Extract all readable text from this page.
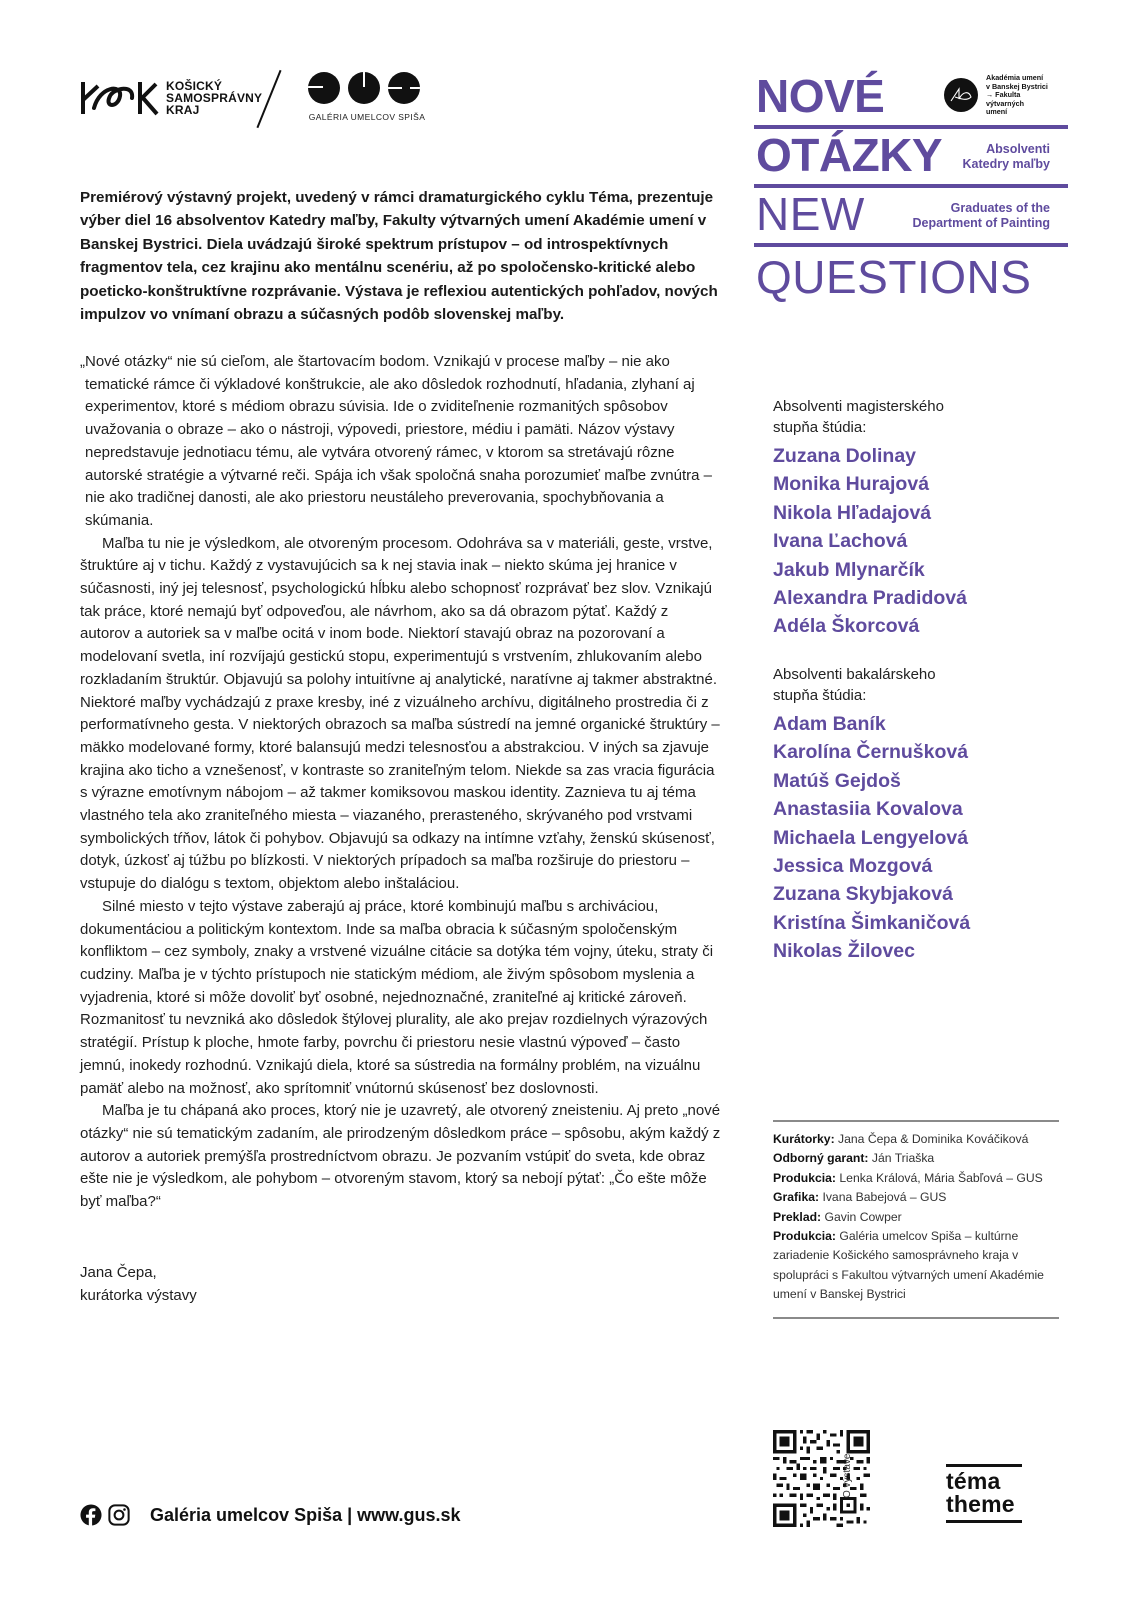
KOŠICKÝ
SAMOSPRÁVNY
KRAJ	GALÉRIA UMELCOV SPIŠA	NOVÉ	Akadémia umení
v Banskej Bystrici
→ Fakulta
výtvarných
umení
OTÁZKY	Absolventi
Katedry maľby
NEW	Graduates of the
Department of Painting
QUESTIONS
Premiérový výstavný projekt, uvedený v rámci dramaturgického cyklu Téma, prezentuje výber diel 16 absolventov Katedry maľby, Fakulty výtvarných umení Akadémie umení v Banskej Bystrici. Diela uvádzajú široké spektrum prístupov – od introspektívnych fragmentov tela, cez krajinu ako mentálnu scenériu, až po spoločensko-kritické alebo poeticko-konštruktívne rozprávanie. Výstava je reflexiou autentických pohľadov, nových impulzov vo vnímaní obrazu a súčasných podôb slovenskej maľby.

„Nové otázky“ nie sú cieľom, ale štartovacím bodom. Vznikajú v procese maľby – nie ako tematické rámce či výkladové konštrukcie, ale ako dôsledok rozhodnutí, hľadania, zlyhaní aj experimentov, ktoré s médiom obrazu súvisia. Ide o zviditeľnenie rozmanitých spôsobov uvažovania o obraze – ako o nástroji, výpovedi, priestore, médiu i pamäti. Názov výstavy nepredstavuje jednotiacu tému, ale vytvára otvorený rámec, v ktorom sa stretávajú rôzne autorské stratégie a výtvarné reči. Spája ich však spoločná snaha porozumieť maľbe zvnútra – nie ako tradičnej danosti, ale ako priestoru neustáleho preverovania, spochybňovania a skúmania.

Maľba tu nie je výsledkom, ale otvoreným procesom. Odohráva sa v materiáli, geste, vrstve, štruktúre aj v tichu. Každý z vystavujúcich sa k nej stavia inak – niekto skúma jej hranice v súčasnosti, iný jej telesnosť, psychologickú hĺbku alebo schopnosť rozprávať bez slov. Vznikajú tak práce, ktoré nemajú byť odpoveďou, ale návrhom, ako sa dá obrazom pýtať. Každý z autorov a autoriek sa v maľbe ocitá v inom bode. Niektorí stavajú obraz na pozorovaní a modelovaní svetla, iní rozvíjajú gestickú stopu, experimentujú s vrstvením, zhlukovaním alebo rozkladaním štruktúr. Objavujú sa polohy intuitívne aj analytické, naratívne aj takmer abstraktné. Niektoré maľby vychádzajú z praxe kresby, iné z vizuálneho archívu, digitálneho prostredia či z performatívneho gesta. V niektorých obrazoch sa maľba sústredí na jemné organické štruktúry – mäkko modelované formy, ktoré balansujú medzi telesnosťou a abstrakciou. V iných sa zjavuje krajina ako ticho a vznešenosť, v kontraste so zraniteľným telom. Niekde sa zas vracia figurácia s výrazne emotívnym nábojom – až takmer komiksovou maskou identity. Zaznieva tu aj téma vlastného tela ako zraniteľného miesta – viazaného, prerasteného, skrývaného pod vrstvami symbolických tŕňov, látok či pohybov. Objavujú sa odkazy na intímne vzťahy, ženskú skúsenosť, dotyk, úzkosť aj túžbu po blízkosti. V niektorých prípadoch sa maľba rozširuje do priestoru – vstupuje do dialógu s textom, objektom alebo inštaláciou.

Silné miesto v tejto výstave zaberajú aj práce, ktoré kombinujú maľbu s archiváciou, dokumentáciou a politickým kontextom. Inde sa maľba obracia k súčasným spoločenským konfliktom – cez symboly, znaky a vrstvené vizuálne citácie sa dotýka tém vojny, úteku, straty či cudziny. Maľba je v týchto prístupoch nie statickým médiom, ale živým spôsobom myslenia a vyjadrenia, ktoré si môže dovoliť byť osobné, nejednoznačné, zraniteľné aj kritické zároveň. Rozmanitosť tu nevzniká ako dôsledok štýlovej plurality, ale ako prejav rozdielnych výrazových stratégií. Prístup k ploche, hmote farby, povrchu či priestoru nesie vlastnú výpoveď – často jemnú, inokedy rozhodnú. Vznikajú diela, ktoré sa sústredia na formálny problém, na vizuálnu pamäť alebo na možnosť, ako sprítomniť vnútornú skúsenosť bez doslovnosti.

Maľba je tu chápaná ako proces, ktorý nie je uzavretý, ale otvorený zneisteniu. Aj preto „nové otázky“ nie sú tematickým zadaním, ale prirodzeným dôsledkom práce – spôsobu, akým každý z autorov a autoriek premýšľa prostredníctvom obrazu. Je pozvaním vstúpiť do sveta, kde obraz ešte nie je výsledkom, ale pohybom – otvoreným stavom, ktorý sa nebojí pýtať: „Čo ešte môže byť maľba?“

Jana Čepa,
kurátorka výstavy
Absolventi magisterského stupňa štúdia:
Zuzana Dolinay
Monika Hurajová
Nikola Hľadajová
Ivana Ľachová
Jakub Mlynarčík
Alexandra Pradidová
Adéla Škorcová
Absolventi bakalárskeho stupňa štúdia:
Adam Baník
Karolína Černušková
Matúš Gejdoš
Anastasiia Kovalova
Michaela Lengyelová
Jessica Mozgová
Zuzana Skybjaková
Kristína Šimkaničová
Nikolas Žilovec
Kurátorky: Jana Čepa & Dominika Kováčiková
Odborný garant: Ján Triaška
Produkcia: Lenka Králová, Mária Šabľová – GUS
Grafika: Ivana Babejová – GUS
Preklad: Gavin Cowper
Produkcia: Galéria umelcov Spiša – kultúrne zariadenie Košického samosprávneho kraja v spolupráci s Fakultou výtvarných umení Akadémie umení v Banskej Bystrici
O výstave	téma
theme
Galéria umelcov Spiša | www.gus.sk
